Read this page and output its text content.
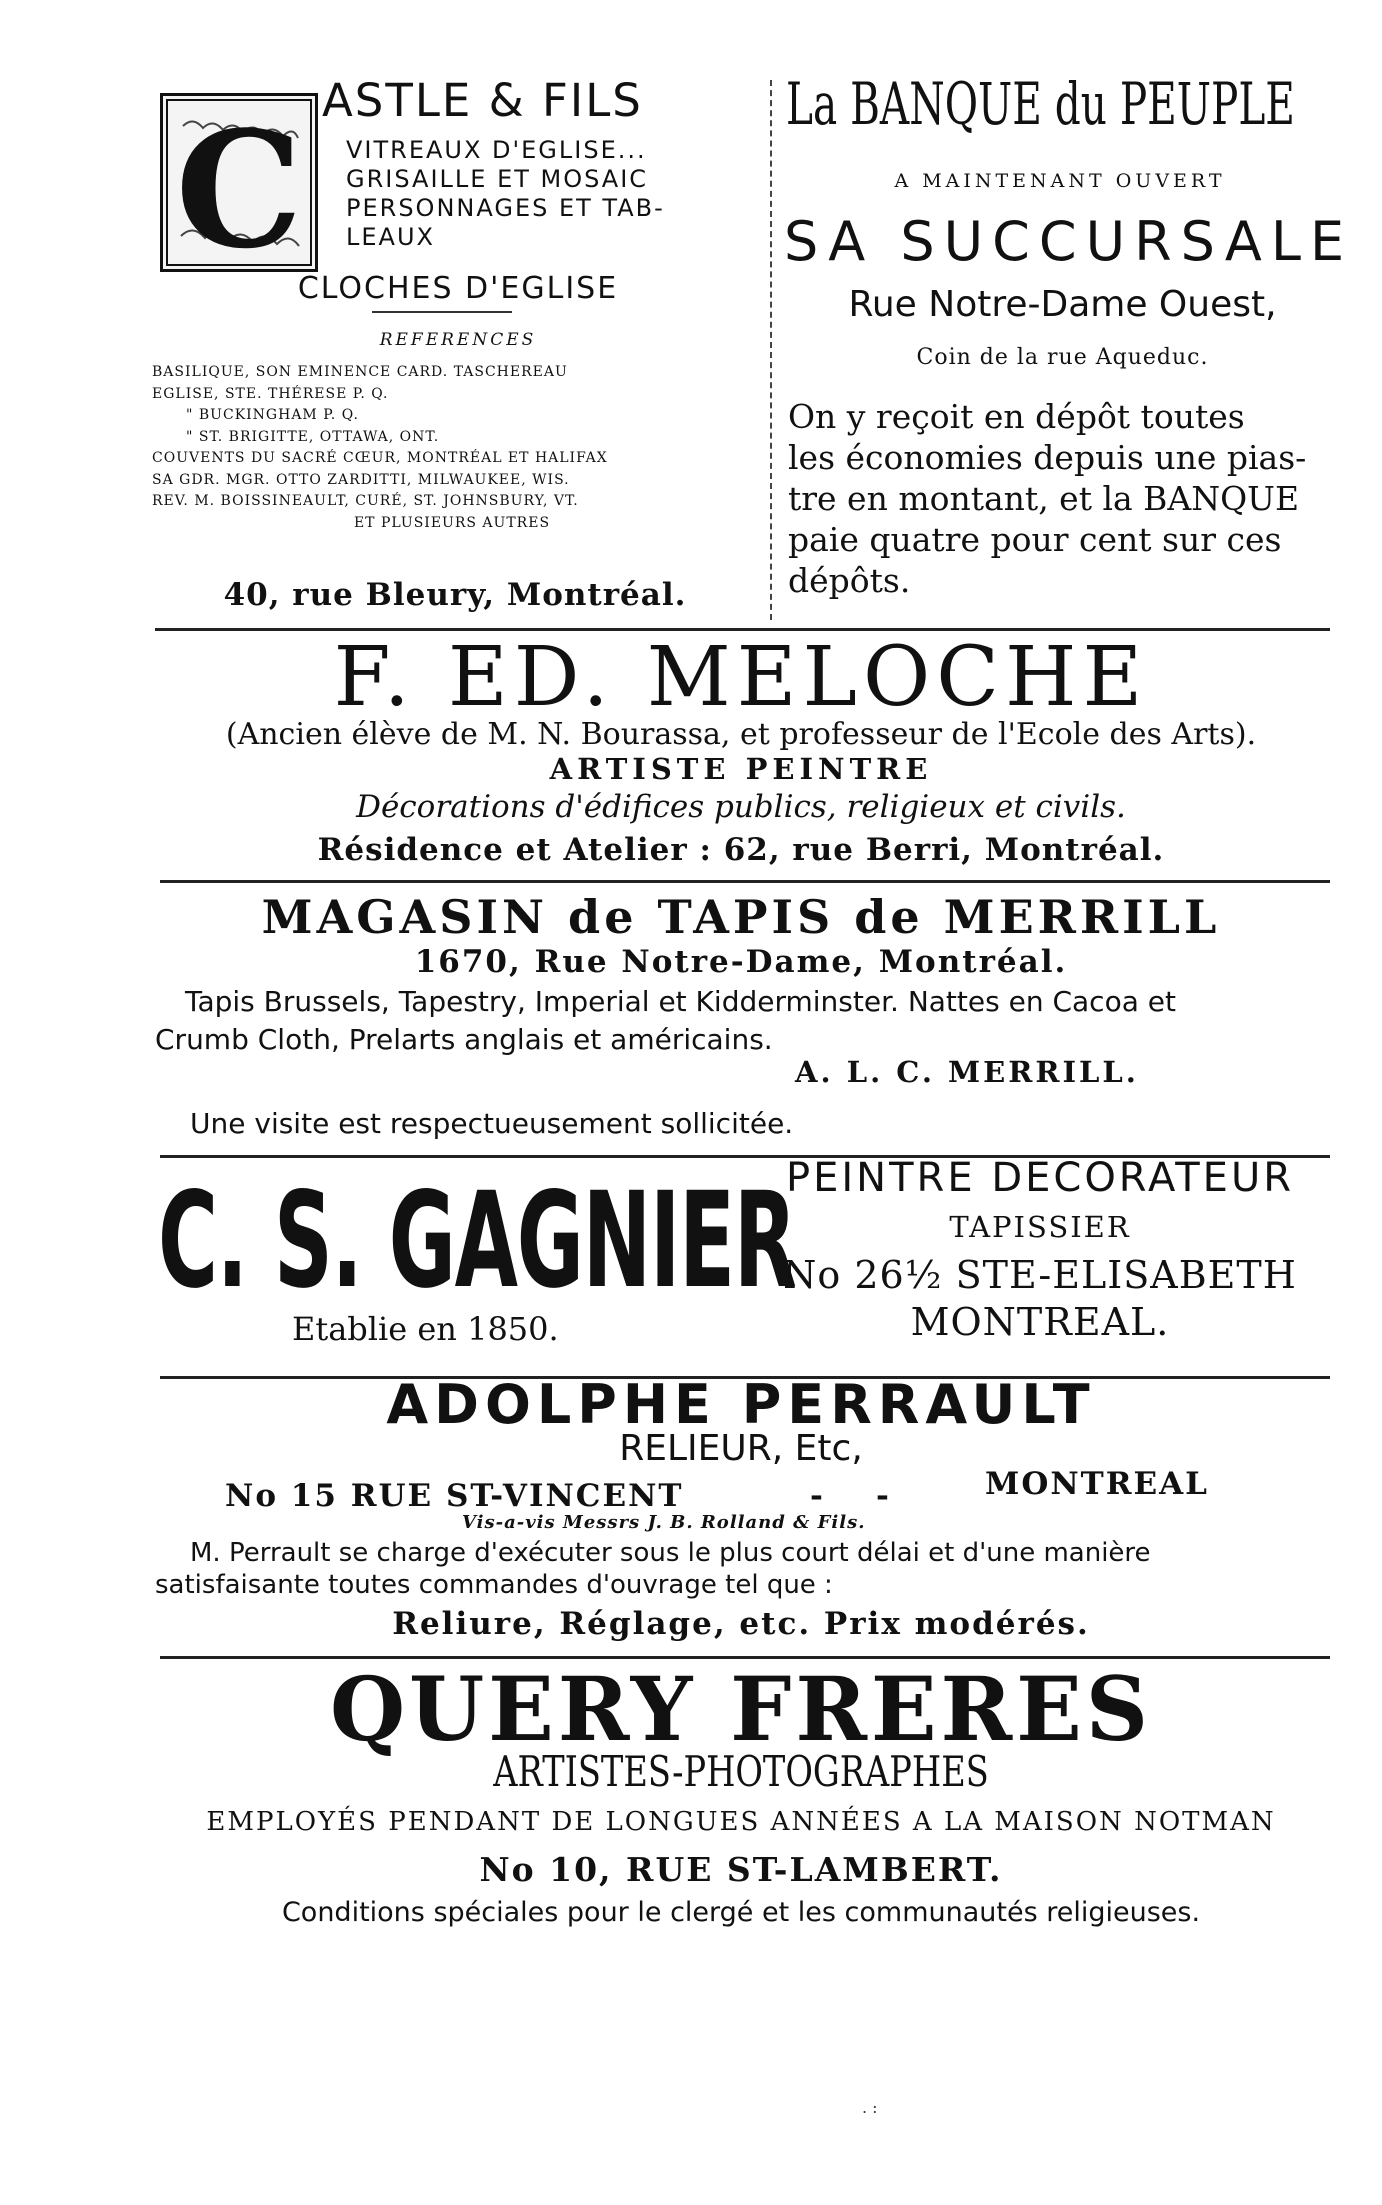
C ASTLE & FILS
VITREAUX D'EGLISE...
GRISAILLE ET MOSAIC
PERSONNAGES ET TAB-
LEAUX
CLOCHES D'EGLISE
REFERENCES
BASILIQUE, SON EMINENCE CARD. TASCHEREAU
EGLISE, STE. THÉRESE P. Q.
" BUCKINGHAM P. Q.
" ST. BRIGITTE, OTTAWA, ONT.
COUVENTS DU SACRÉ CŒUR, MONTRÉAL ET HALIFAX
SA GDR. MGR. OTTO ZARDITTI, MILWAUKEE, WIS.
REV. M. BOISSINEAULT, CURÉ, ST. JOHNSBURY, VT.
ET PLUSIEURS AUTRES
40, rue Bleury, Montréal.
La BANQUE du PEUPLE
A MAINTENANT OUVERT
SA SUCCURSALE
Rue Notre-Dame Ouest,
Coin de la rue Aqueduc.
On y reçoit en dépôt toutes
les économies depuis une pias-
tre en montant, et la BANQUE
paie quatre pour cent sur ces
dépôts.
F. ED. MELOCHE
(Ancien élève de M. N. Bourassa, et professeur de l'Ecole des Arts).
ARTISTE PEINTRE
Décorations d'édifices publics, religieux et civils.
Résidence et Atelier : 62, rue Berri, Montréal.
MAGASIN de TAPIS de MERRILL
1670, Rue Notre-Dame, Montréal.
Tapis Brussels, Tapestry, Imperial et Kidderminster. Nattes en Cacoa et
Crumb Cloth, Prelarts anglais et américains.
A. L. C. MERRILL.
Une visite est respectueusement sollicitée.
C. S. GAGNIER
Etablie en 1850.
PEINTRE DECORATEUR
TAPISSIER
No 26½ STE-ELISABETH
MONTREAL.
ADOLPHE PERRAULT
RELIEUR, Etc,
No 15 RUE ST-VINCENT	-    -	MONTREAL
Vis-a-vis Messrs J. B. Rolland & Fils.
M. Perrault se charge d'exécuter sous le plus court délai et d'une manière
satisfaisante toutes commandes d'ouvrage tel que :
Reliure, Réglage, etc. Prix modérés.
QUERY FRERES
ARTISTES-PHOTOGRAPHES
EMPLOYÉS PENDANT DE LONGUES ANNÉES A LA MAISON NOTMAN
No 10, RUE ST-LAMBERT.
Conditions spéciales pour le clergé et les communautés religieuses.
. :
